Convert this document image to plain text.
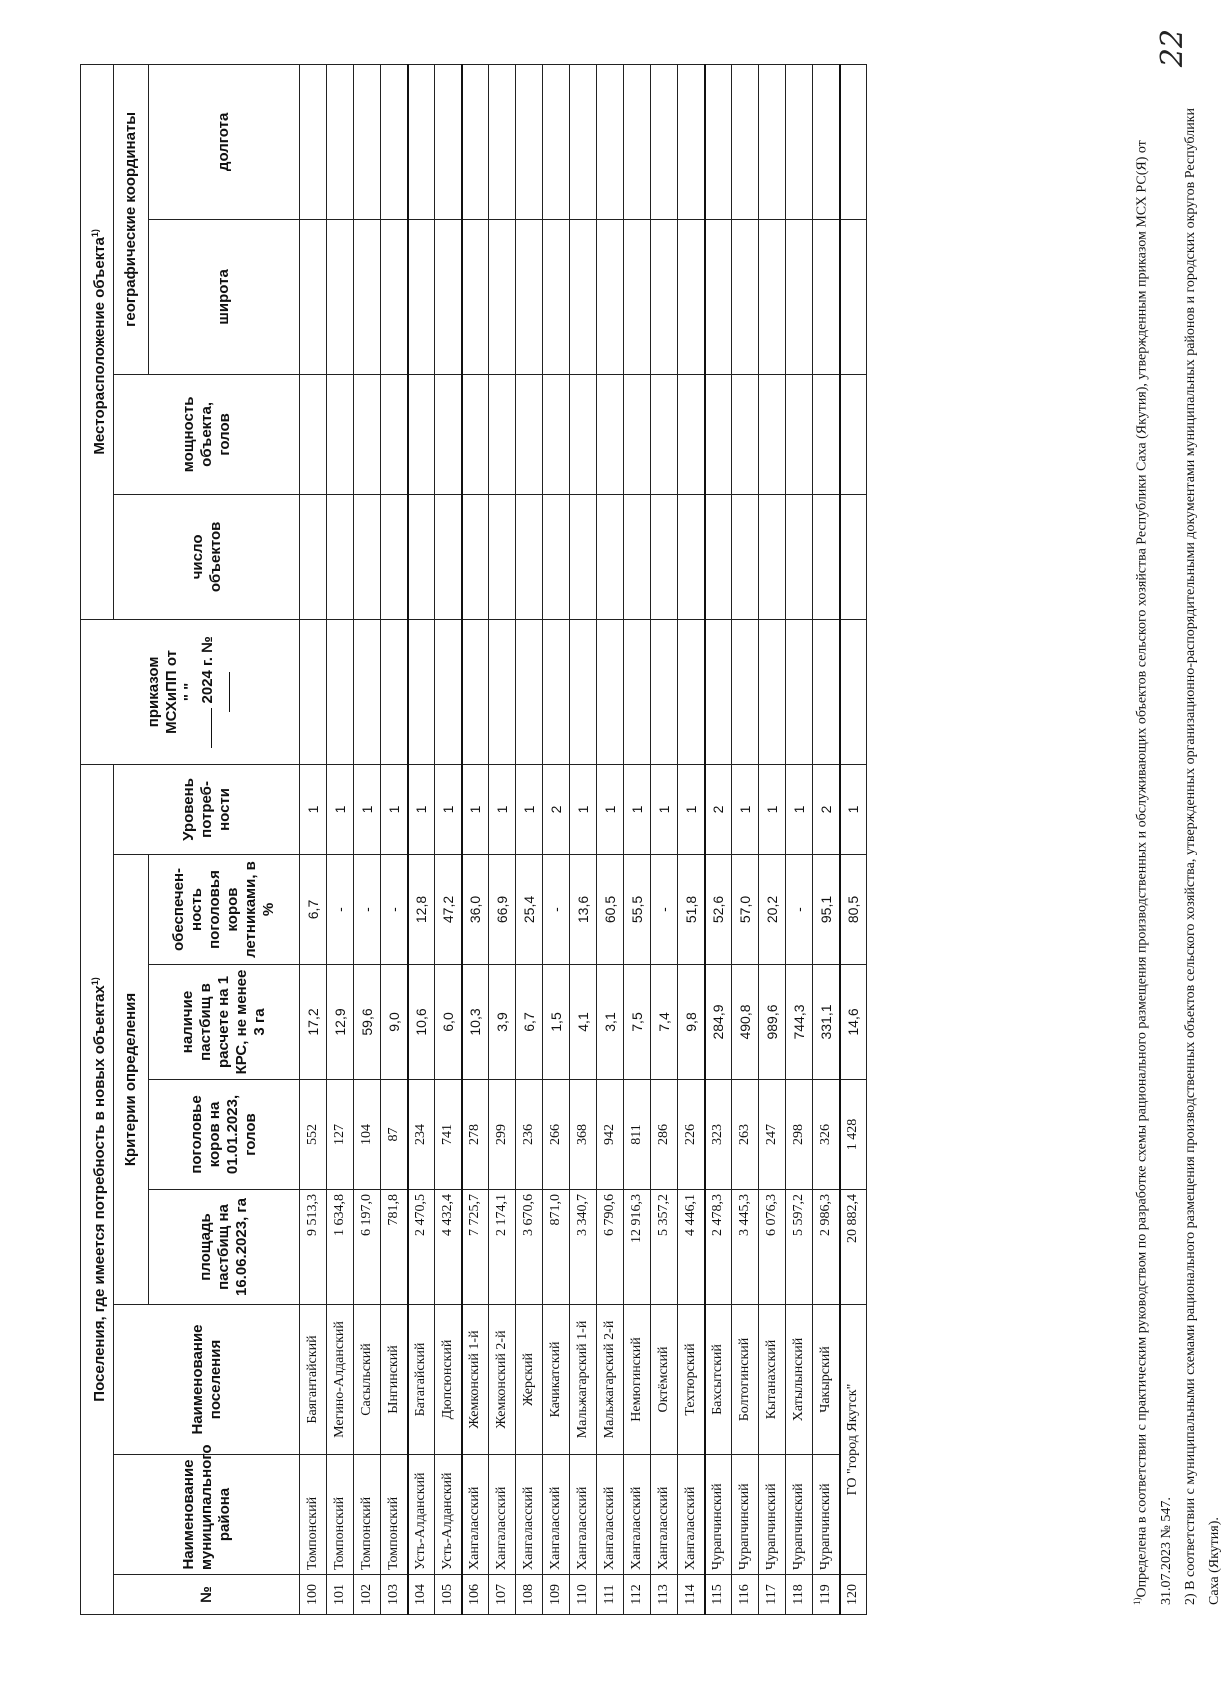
22
Поселения, где имеется потребность в новых объектах$^{1)}$								приказом МСХиПП от " " 2024 г. №	Месторасположение объекта$^{1)}$
№	Наименование муниципального района	Наименование поселения	Критерии определения				Уровень потреб-ности		число объектов	мощность объекта, голов	географические координаты	
			площадь пастбищ на 16.06.2023, га	поголовье коров на 01.01.2023, голов	наличие пастбищ в расчете на 1 КРС, не менее 3 га	обеспечен-ность поголовья коров летниками, в %					широта	долгота
100	Томпонский	Баягантайский	9 513,3	552	17,2	6,7	1					
101	Томпонский	Мегино-Алданский	1 634,8	127	12,9	-	1					
102	Томпонский	Сасыльский	6 197,0	104	59,6	-	1					
103	Томпонский	Ынгинский	781,8	87	9,0	-	1					
104	Усть-Алданский	Батагайский	2 470,5	234	10,6	12,8	1					
105	Усть-Алданский	Дюпсюнский	4 432,4	741	6,0	47,2	1					
106	Хангаласский	Жемконский 1-й	7 725,7	278	10,3	36,0	1					
107	Хангаласский	Жемконский 2-й	2 174,1	299	3,9	66,9	1					
108	Хангаласский	Жерский	3 670,6	236	6,7	25,4	1					
109	Хангаласский	Качикатский	871,0	266	1,5	-	2					
110	Хангаласский	Мальжагарский 1-й	3 340,7	368	4,1	13,6	1					
111	Хангаласский	Мальжагарский 2-й	6 790,6	942	3,1	60,5	1					
112	Хангаласский	Немюгинский	12 916,3	811	7,5	55,5	1					
113	Хангаласский	Октёмский	5 357,2	286	7,4	-	1					
114	Хангаласский	Техтюрский	4 446,1	226	9,8	51,8	1					
115	Чурапчинский	Бахсытский	2 478,3	323	284,9	52,6	2					
116	Чурапчинский	Болтогинский	3 445,3	263	490,8	57,0	1					
117	Чурапчинский	Кытанахский	6 076,3	247	989,6	20,2	1					
118	Чурапчинский	Хатылынский	5 597,2	298	744,3	-	1					
119	Чурапчинский	Чакырский	2 986,3	326	331,1	95,1	2					
120	ГО "город Якутск"		20 882,4	1 428	14,6	80,5	1					

$^{1)}$Определена в соответствии с практическим руководством по разработке схемы рационального размещения производственных и обслуживающих объектов сельского хозяйства Республики Саха (Якутия), утвержденным приказом МСХ РС(Я) от 31.07.2023 № 547. 2) В соответствии с муниципальными схемами рационального размещения производственных объектов сельского хозяйства, утвержденных организационно-распорядительными документами муниципальных районов и городских округов Республики Саха (Якутия).
